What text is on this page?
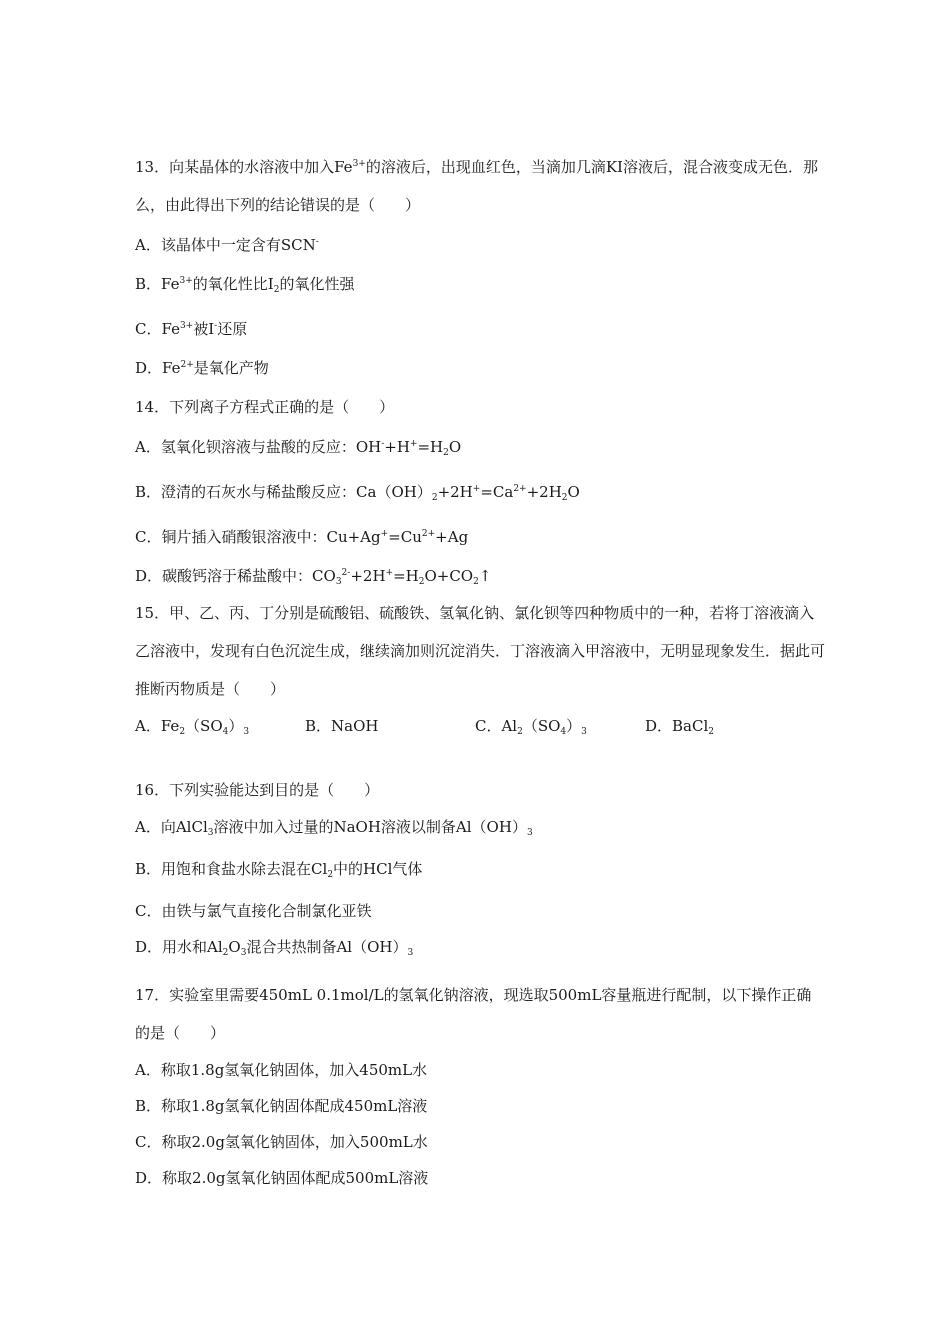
13．向某晶体的水溶液中加入$Fe^{3+}$的溶液后，出现血红色，当滴加几滴KI溶液后，混合液变成无色．那么，由此得出下列的结论错误的是（　　）

A．该晶体中一定含有SCN-

B．$Fe^{3+}$的氧化性比$I_2$的氧化性强

C．$Fe^{3+}$被I-还原

D．$Fe^{2+}$是氧化产物

14．下列离子方程式正确的是（　　）

A．氢氧化钡溶液与盐酸的反应：$OH^-+H^+=H_2O$

B．澄清的石灰水与稀盐酸反应：$Ca(OH)_2+2H^+=Ca^{2+}+2H_2O$

C．铜片插入硝酸银溶液中：$Cu+Ag^+=Cu^{2+}+Ag$

D．碳酸钙溶于稀盐酸中：$CO_3^{2-}+2H^+=H_2O+CO_2↑$

15．甲、乙、丙、丁分别是硫酸铝、硫酸铁、氢氧化钠、氯化钡等四种物质中的一种，若将丁溶液滴入乙溶液中，发现有白色沉淀生成，继续滴加则沉淀消失．丁溶液滴入甲溶液中，无明显现象发生．据此可推断丙物质是（　　）

A．$Fe_2(SO_4)_3$	B．NaOH	C．$Al_2(SO_4)_3$	D．BaCl$_2$

16．下列实验能达到目的是（　　）

A．向AlCl$_3$溶液中加入过量的NaOH溶液以制备$Al(OH)_3$

B．用饱和食盐水除去混在$Cl_2$中的HCl气体

C．由铁与氯气直接化合制氯化亚铁

D．用水和$Al_2O_3$混合共热制备$Al(OH)_3$

17．实验室里需要450mL 0.1mol/L的氢氧化钠溶液，现选取500mL容量瓶进行配制，以下操作正确的是（　　）

A．称取1.8g氢氧化钠固体，加入450mL水

B．称取1.8g氢氧化钠固体配成450mL溶液

C．称取2.0g氢氧化钠固体，加入500mL水

D．称取2.0g氢氧化钠固体配成500mL溶液
